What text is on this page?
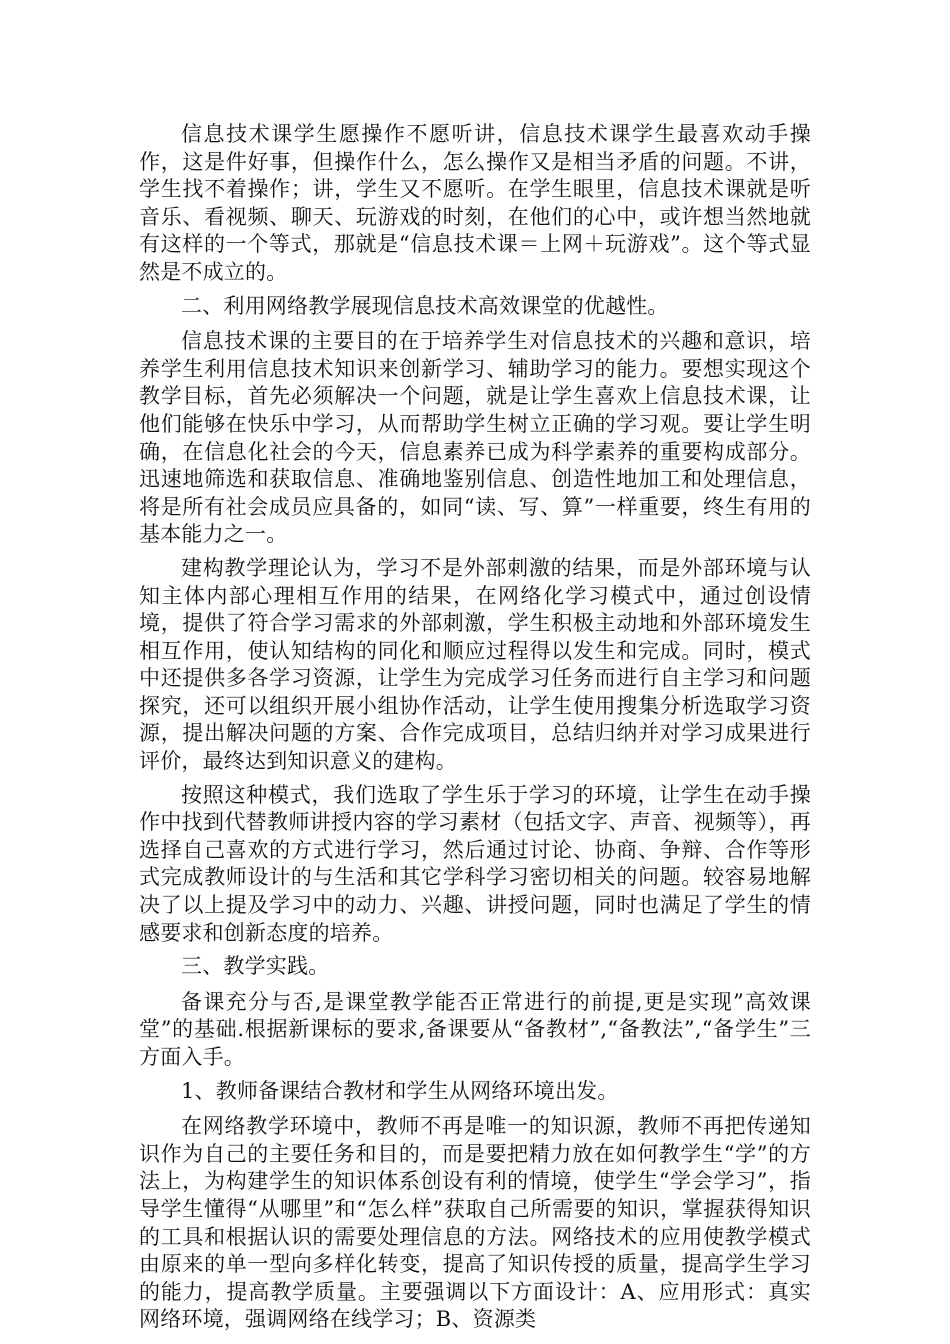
信息技术课学生愿操作不愿听讲，信息技术课学生最喜欢动手操作，这是件好事，但操作什么，怎么操作又是相当矛盾的问题。不讲，学生找不着操作；讲，学生又不愿听。在学生眼里，信息技术课就是听音乐、看视频、聊天、玩游戏的时刻，在他们的心中，或许想当然地就有这样的一个等式，那就是“信息技术课＝上网＋玩游戏”。这个等式显然是不成立的。

二、利用网络教学展现信息技术高效课堂的优越性。

信息技术课的主要目的在于培养学生对信息技术的兴趣和意识，培养学生利用信息技术知识来创新学习、辅助学习的能力。要想实现这个教学目标，首先必须解决一个问题，就是让学生喜欢上信息技术课，让他们能够在快乐中学习，从而帮助学生树立正确的学习观。要让学生明确，在信息化社会的今天，信息素养已成为科学素养的重要构成部分。迅速地筛选和获取信息、准确地鉴别信息、创造性地加工和处理信息，将是所有社会成员应具备的，如同“读、写、算”一样重要，终生有用的基本能力之一。

建构教学理论认为，学习不是外部刺激的结果，而是外部环境与认知主体内部心理相互作用的结果，在网络化学习模式中，通过创设情境，提供了符合学习需求的外部刺激，学生积极主动地和外部环境发生相互作用，使认知结构的同化和顺应过程得以发生和完成。同时，模式中还提供多各学习资源，让学生为完成学习任务而进行自主学习和问题探究，还可以组织开展小组协作活动，让学生使用搜集分析选取学习资源，提出解决问题的方案、合作完成项目，总结归纳并对学习成果进行评价，最终达到知识意义的建构。

按照这种模式，我们选取了学生乐于学习的环境，让学生在动手操作中找到代替教师讲授内容的学习素材（包括文字、声音、视频等），再选择自己喜欢的方式进行学习，然后通过讨论、协商、争辩、合作等形式完成教师设计的与生活和其它学科学习密切相关的问题。较容易地解决了以上提及学习中的动力、兴趣、讲授问题，同时也满足了学生的情感要求和创新态度的培养。

三、教学实践。

备课充分与否,是课堂教学能否正常进行的前提,更是实现”高效课堂”的基础.根据新课标的要求,备课要从“备教材”,“备教法”,“备学生”三方面入手。

1、教师备课结合教材和学生从网络环境出发。

在网络教学环境中，教师不再是唯一的知识源，教师不再把传递知识作为自己的主要任务和目的，而是要把精力放在如何教学生“学”的方法上，为构建学生的知识体系创设有利的情境，使学生“学会学习”，指导学生懂得“从哪里”和“怎么样”获取自己所需要的知识，掌握获得知识的工具和根据认识的需要处理信息的方法。网络技术的应用使教学模式由原来的单一型向多样化转变，提高了知识传授的质量，提高学生学习的能力，提高教学质量。主要强调以下方面设计：A、应用形式：真实网络环境，强调网络在线学习；B、资源类
